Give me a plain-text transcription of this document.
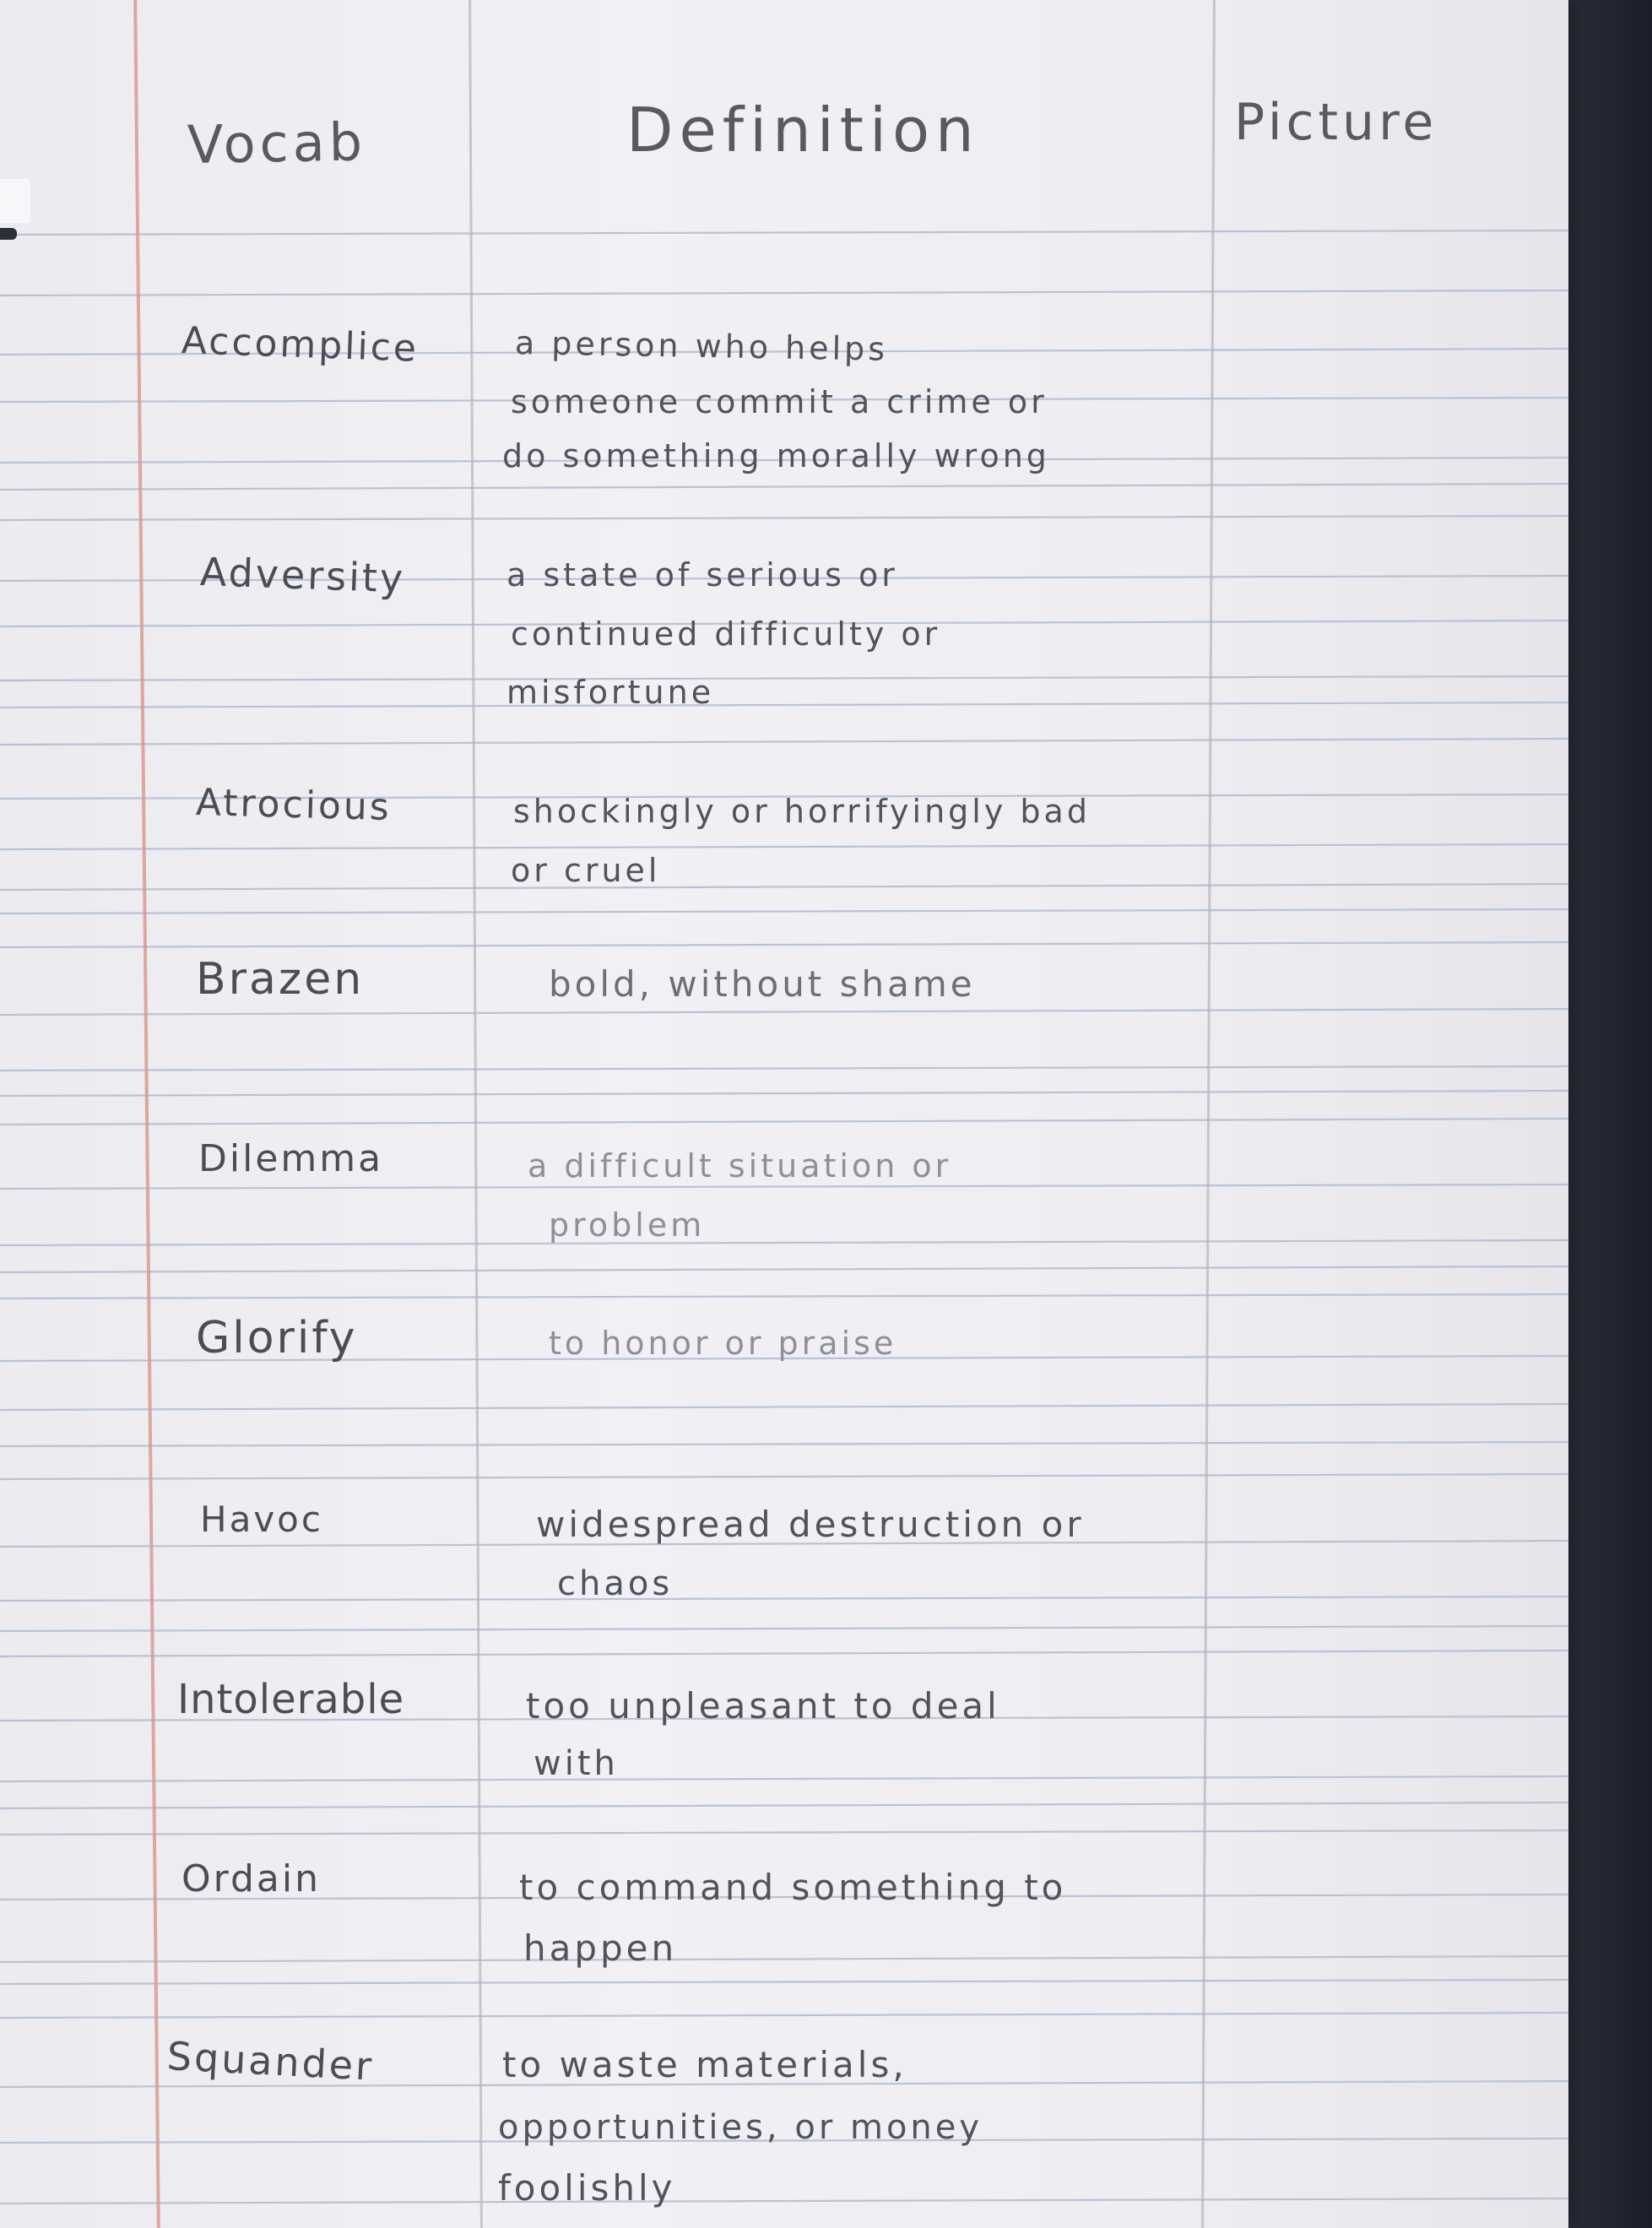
Vocab	Definition	Picture
Accomplice	a person who helps
someone commit a crime or
do something morally wrong
Adversity	a state of serious or
continued difficulty or
misfortune
Atrocious	shockingly or horrifyingly bad
or cruel
Brazen	bold, without shame
Dilemma	a difficult situation or
problem
Glorify	to honor or praise
Havoc	widespread destruction or
chaos
Intolerable	too unpleasant to deal
with
Ordain	to command something to
happen
Squander	to waste materials,
opportunities, or money
foolishly
